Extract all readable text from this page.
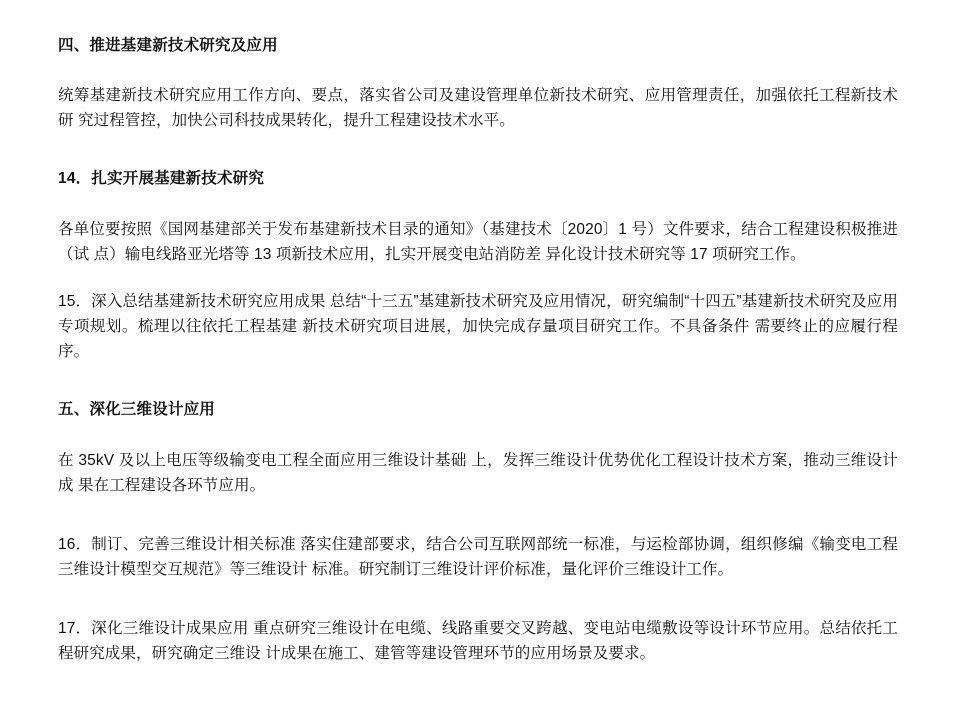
四、推进基建新技术研究及应用

统筹基建新技术研究应用工作方向、要点，落实省公司及建设管理单位新技术研究、应用管理责任，加强依托工程新技术研 究过程管控，加快公司科技成果转化，提升工程建设技术水平。

14．扎实开展基建新技术研究

各单位要按照《国网基建部关于发布基建新技术目录的通知》（基建技术〔2020〕1 号）文件要求，结合工程建设积极推进（试 点）输电线路亚光塔等 13 项新技术应用，扎实开展变电站消防差 异化设计技术研究等 17 项研究工作。

15．深入总结基建新技术研究应用成果 总结“十三五”基建新技术研究及应用情况，研究编制“十四五”基建新技术研究及应用专项规划。梳理以往依托工程基建 新技术研究项目进展，加快完成存量项目研究工作。不具备条件 需要终止的应履行程序。

五、深化三维设计应用

在 35kV 及以上电压等级输变电工程全面应用三维设计基础 上，发挥三维设计优势优化工程设计技术方案，推动三维设计成 果在工程建设各环节应用。

16．制订、完善三维设计相关标准 落实住建部要求，结合公司互联网部统一标准，与运检部协调，组织修编《输变电工程三维设计模型交互规范》等三维设计 标准。研究制订三维设计评价标准，量化评价三维设计工作。

17．深化三维设计成果应用 重点研究三维设计在电缆、线路重要交叉跨越、变电站电缆敷设等设计环节应用。总结依托工程研究成果，研究确定三维设 计成果在施工、建管等建设管理环节的应用场景及要求。
